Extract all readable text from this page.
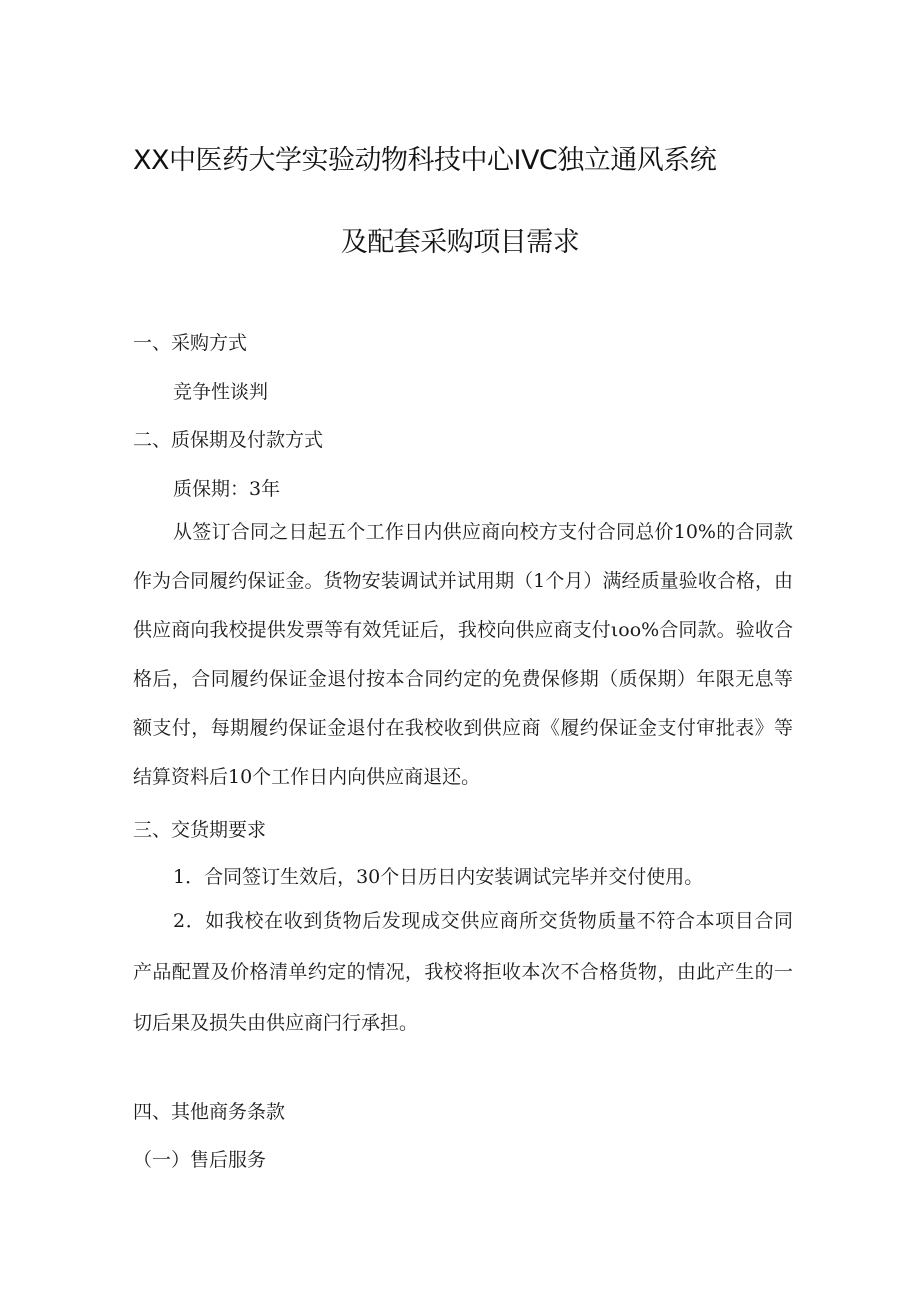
XX中医药大学实验动物科技中心IVC独立通风系统
及配套采购项目需求
一、采购方式
竞争性谈判
二、质保期及付款方式
质保期：3年
从签订合同之日起五个工作日内供应商向校方支付合同总价10%的合同款作为合同履约保证金。货物安装调试并试用期（1个月）满经质量验收合格，由供应商向我校提供发票等有效凭证后，我校向供应商支付ιoo%合同款。验收合格后，合同履约保证金退付按本合同约定的免费保修期（质保期）年限无息等额支付，每期履约保证金退付在我校收到供应商《履约保证金支付审批表》等结算资料后10个工作日内向供应商退还。
三、交货期要求
1．合同签订生效后，30个日历日内安装调试完毕并交付使用。
2．如我校在收到货物后发现成交供应商所交货物质量不符合本项目合同产品配置及价格清单约定的情况，我校将拒收本次不合格货物，由此产生的一切后果及损失由供应商闩行承担。
四、其他商务条款
（一）售后服务
